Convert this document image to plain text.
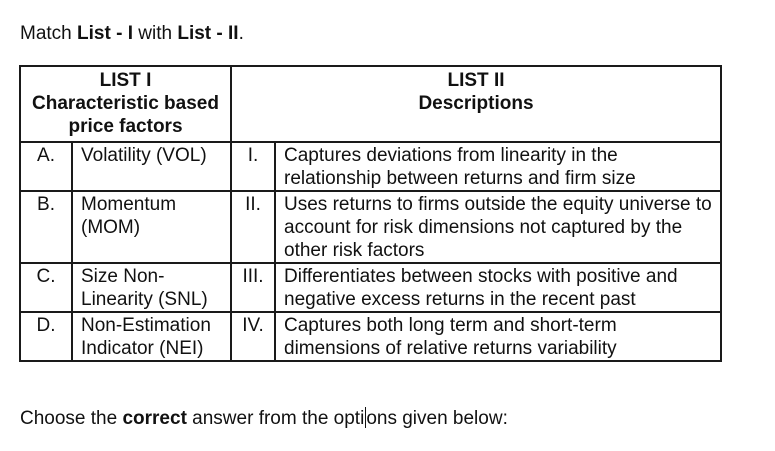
Match List - I with List - II.
LIST I
Characteristic based
price factors		LIST II
Descriptions	

A.	Volatility (VOL)	I.	Captures deviations from linearity in the relationship between returns and firm size
B.	Momentum (MOM)	II.	Uses returns to firms outside the equity universe to account for risk dimensions not captured by the other risk factors
C.	Size Non-Linearity (SNL)	III.	Differentiates between stocks with positive and negative excess returns in the recent past
D.	Non-Estimation Indicator (NEI)	IV.	Captures both long term and short-term dimensions of relative returns variability
Choose the correct answer from the opti ons given below:
